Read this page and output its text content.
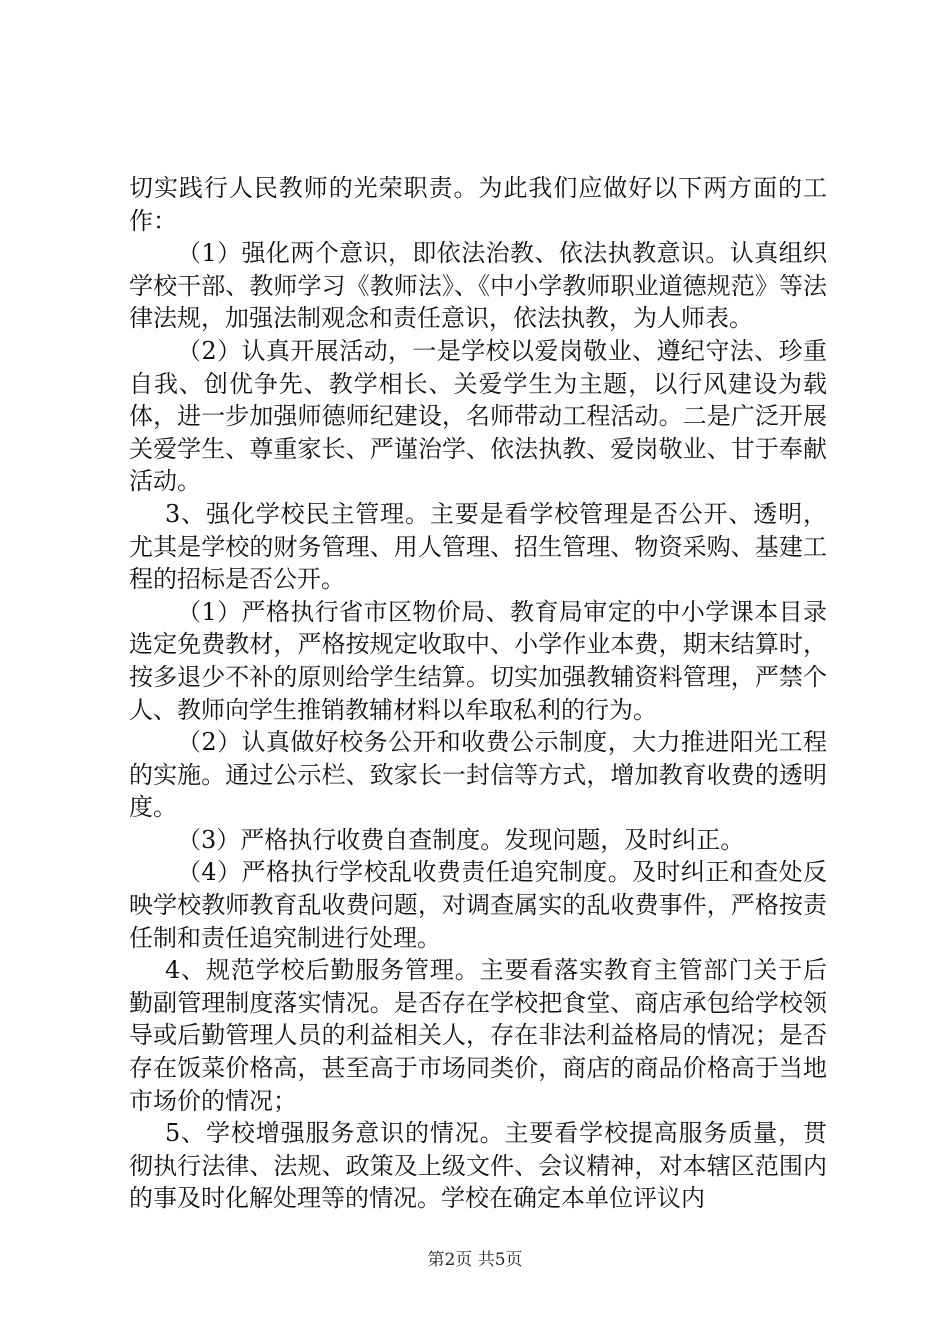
切实践行人民教师的光荣职责。为此我们应做好以下两方面的工作：

（1）强化两个意识，即依法治教、依法执教意识。认真组织学校干部、教师学习《教师法》、《中小学教师职业道德规范》等法律法规，加强法制观念和责任意识，依法执教，为人师表。

（2）认真开展活动，一是学校以爱岗敬业、遵纪守法、珍重自我、创优争先、教学相长、关爱学生为主题，以行风建设为载体，进一步加强师德师纪建设，名师带动工程活动。二是广泛开展关爱学生、尊重家长、严谨治学、依法执教、爱岗敬业、甘于奉献活动。

3、强化学校民主管理。主要是看学校管理是否公开、透明，尤其是学校的财务管理、用人管理、招生管理、物资采购、基建工程的招标是否公开。

（1）严格执行省市区物价局、教育局审定的中小学课本目录选定免费教材，严格按规定收取中、小学作业本费，期末结算时，按多退少不补的原则给学生结算。切实加强教辅资料管理，严禁个人、教师向学生推销教辅材料以牟取私利的行为。

（2）认真做好校务公开和收费公示制度，大力推进阳光工程的实施。通过公示栏、致家长一封信等方式，增加教育收费的透明度。

（3）严格执行收费自查制度。发现问题，及时纠正。

（4）严格执行学校乱收费责任追究制度。及时纠正和查处反映学校教师教育乱收费问题，对调查属实的乱收费事件，严格按责任制和责任追究制进行处理。

4、规范学校后勤服务管理。主要看落实教育主管部门关于后勤副管理制度落实情况。是否存在学校把食堂、商店承包给学校领导或后勤管理人员的利益相关人，存在非法利益格局的情况；是否存在饭菜价格高，甚至高于市场同类价，商店的商品价格高于当地市场价的情况；

5、学校增强服务意识的情况。主要看学校提高服务质量，贯彻执行法律、法规、政策及上级文件、会议精神，对本辖区范围内的事及时化解处理等的情况。学校在确定本单位评议内

第2页 共5页
